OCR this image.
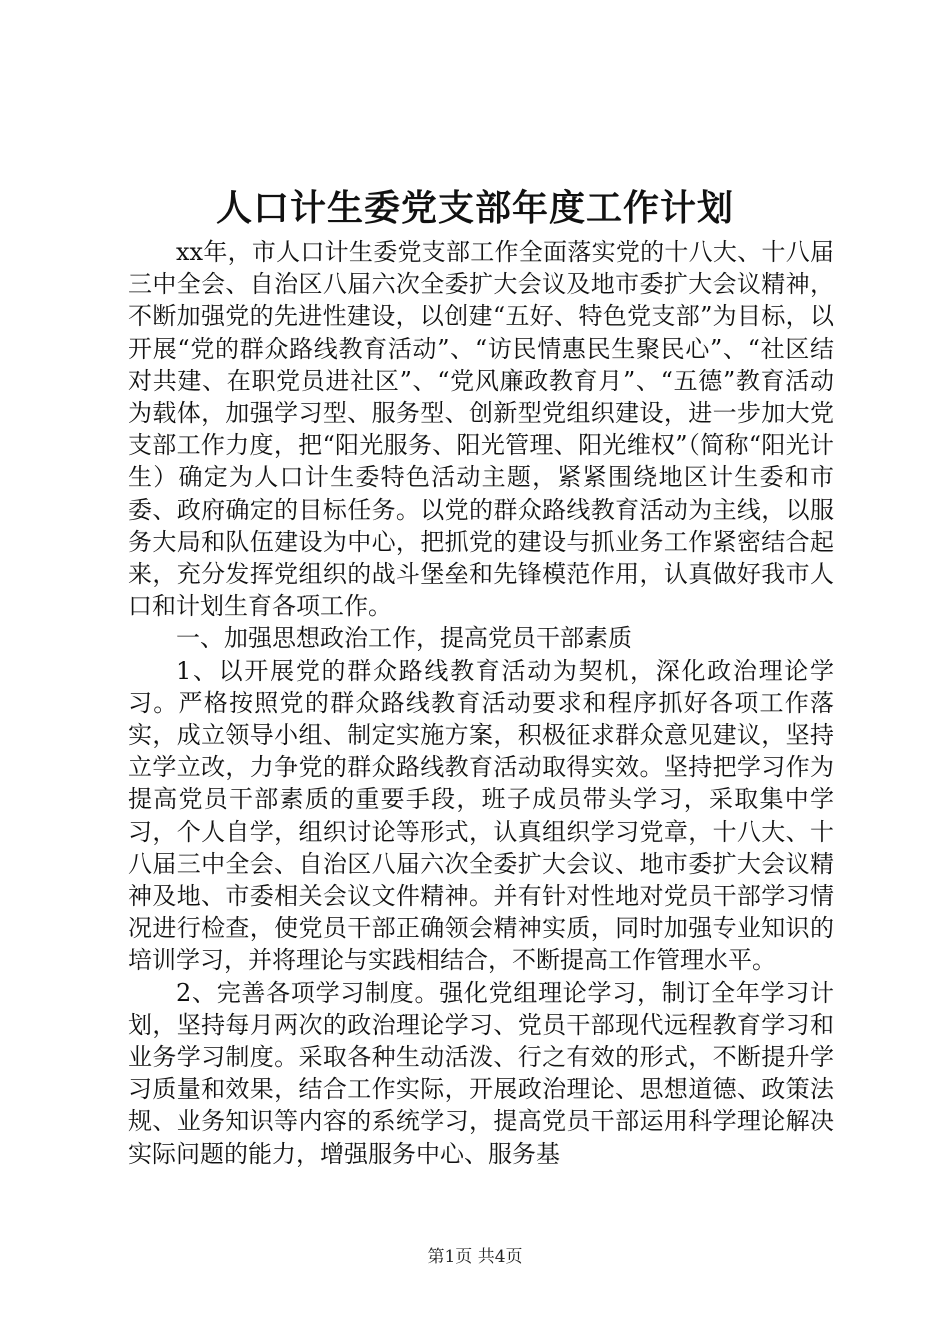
人口计生委党支部年度工作计划

xx年，市人口计生委党支部工作全面落实党的十八大、十八届三中全会、自治区八届六次全委扩大会议及地市委扩大会议精神，不断加强党的先进性建设，以创建“五好、特色党支部”为目标，以开展“党的群众路线教育活动”、“访民情惠民生聚民心”、“社区结对共建、在职党员进社区”、“党风廉政教育月”、“五德”教育活动为载体，加强学习型、服务型、创新型党组织建设，进一步加大党支部工作力度，把“阳光服务、阳光管理、阳光维权”（简称“阳光计生）确定为人口计生委特色活动主题，紧紧围绕地区计生委和市委、政府确定的目标任务。以党的群众路线教育活动为主线，以服务大局和队伍建设为中心，把抓党的建设与抓业务工作紧密结合起来，充分发挥党组织的战斗堡垒和先锋模范作用，认真做好我市人口和计划生育各项工作。

一、加强思想政治工作，提高党员干部素质

1、以开展党的群众路线教育活动为契机，深化政治理论学习。严格按照党的群众路线教育活动要求和程序抓好各项工作落实，成立领导小组、制定实施方案，积极征求群众意见建议，坚持立学立改，力争党的群众路线教育活动取得实效。坚持把学习作为提高党员干部素质的重要手段，班子成员带头学习，采取集中学习，个人自学，组织讨论等形式，认真组织学习党章，十八大、十八届三中全会、自治区八届六次全委扩大会议、地市委扩大会议精神及地、市委相关会议文件精神。并有针对性地对党员干部学习情况进行检查，使党员干部正确领会精神实质，同时加强专业知识的培训学习，并将理论与实践相结合，不断提高工作管理水平。

2、完善各项学习制度。强化党组理论学习，制订全年学习计划，坚持每月两次的政治理论学习、党员干部现代远程教育学习和业务学习制度。采取各种生动活泼、行之有效的形式，不断提升学习质量和效果，结合工作实际，开展政治理论、思想道德、政策法规、业务知识等内容的系统学习，提高党员干部运用科学理论解决实际问题的能力，增强服务中心、服务基

第1页 共4页
